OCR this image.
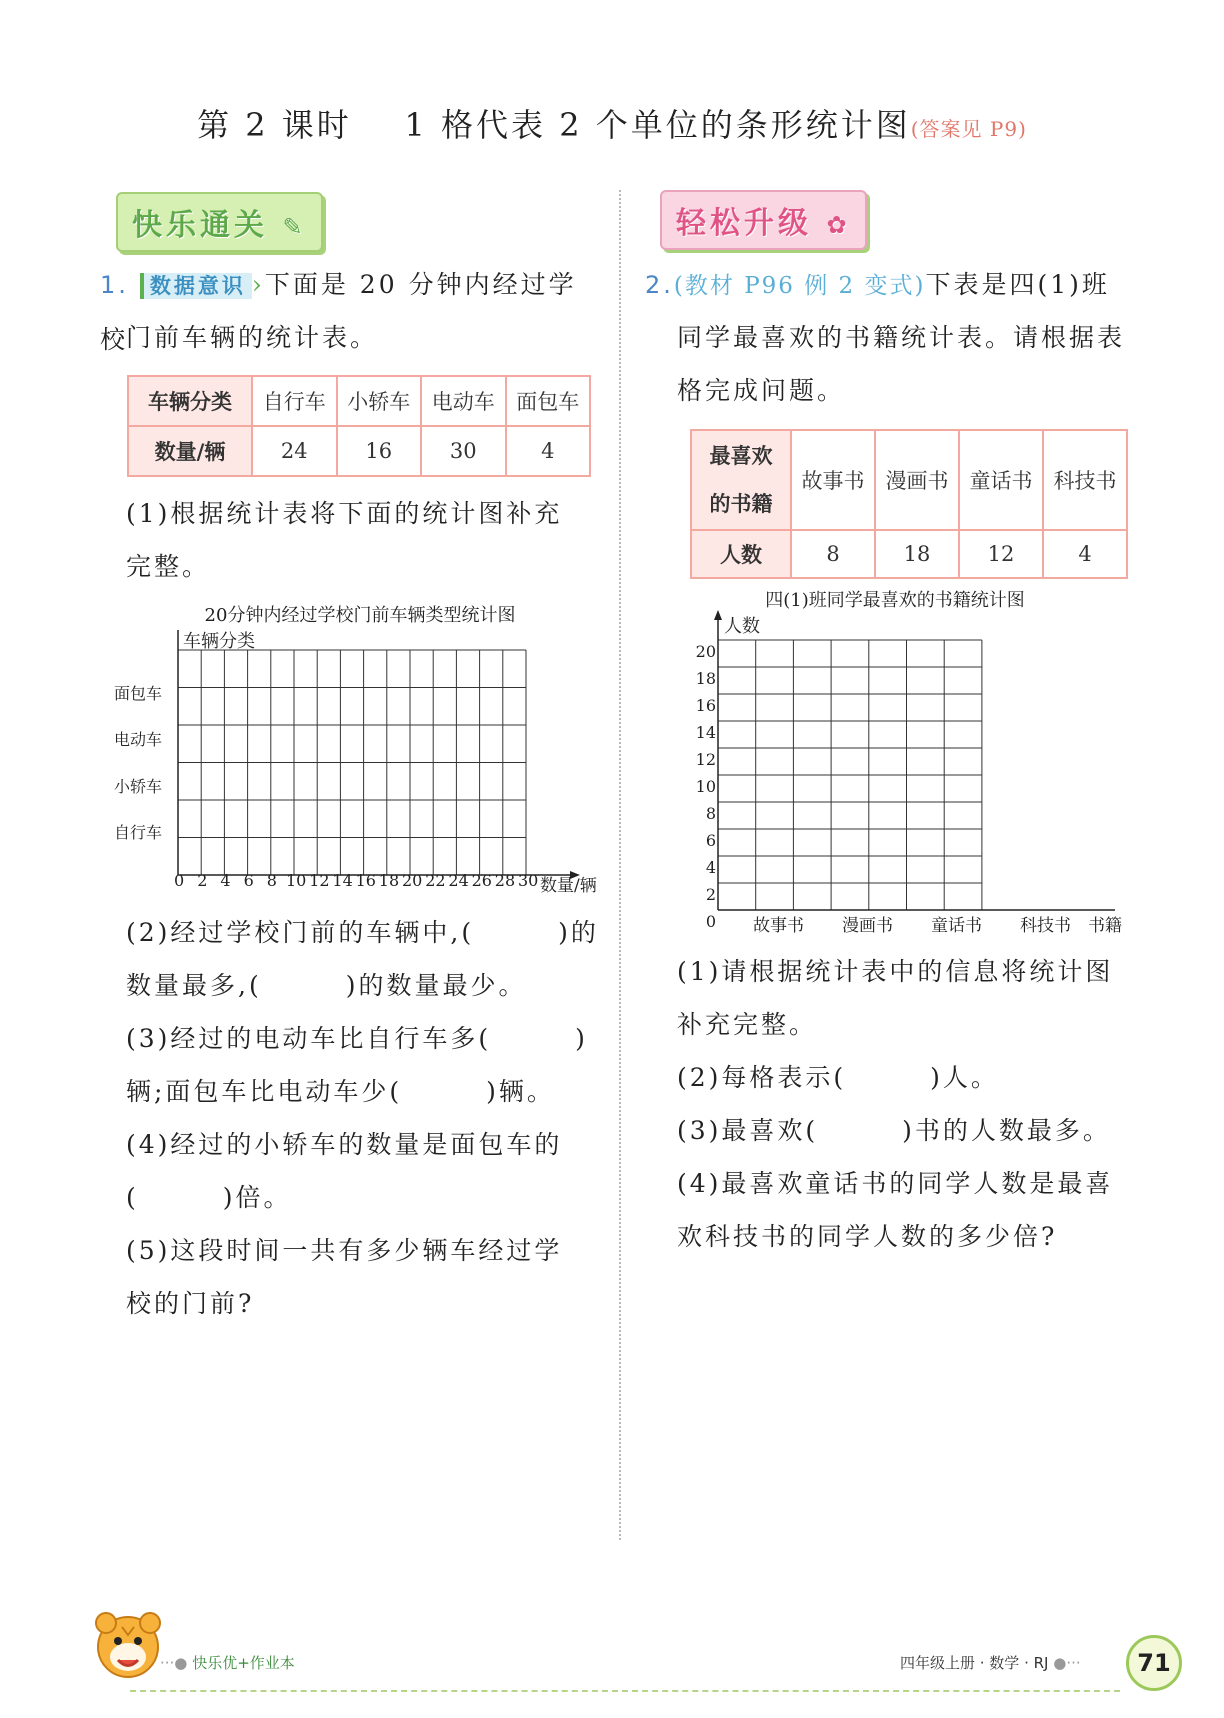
第 2 课时 1 格代表 2 个单位的条形统计图(答案见 P9)
快乐通关 ✎
1. 数据意识 ›下面是 20 分钟内经过学校
门前车辆的统计表。
车辆分类	自行车	小轿车	电动车	面包车
数量/辆	24	16	30	4
(1)根据统计表将下面的统计图补充
完整。
20分钟内经过学校门前车辆类型统计图
车辆分类
面包车
电动车
小轿车
自行车
0 2 4 6 8 10 12 14 16 18 20 22 24 26 28 30 数量/辆
(2)经过学校门前的车辆中,(　　　)的
数量最多,(　　　)的数量最少。
(3)经过的电动车比自行车多(　　　)
辆;面包车比电动车少(　　　)辆。
(4)经过的小轿车的数量是面包车的
(　　　)倍。
(5)这段时间一共有多少辆车经过学
校的门前?
轻松升级 ✿
2.(教材 P96 例 2 变式)下表是四(1)班
同学最喜欢的书籍统计表。请根据表
格完成问题。
最喜欢
的书籍	故事书	漫画书	童话书	科技书
人数	8	18	12	4
四(1)班同学最喜欢的书籍统计图
人数
20
18
16
14
12
10
8
6
4
2
0 故事书 漫画书 童话书 科技书 书籍
(1)请根据统计表中的信息将统计图
补充完整。
(2)每格表示(　　　)人。
(3)最喜欢(　　　)书的人数最多。
(4)最喜欢童话书的同学人数是最喜
欢科技书的同学人数的多少倍?
···● 快乐优+作业本	四年级上册 · 数学 · RJ ●···	71
